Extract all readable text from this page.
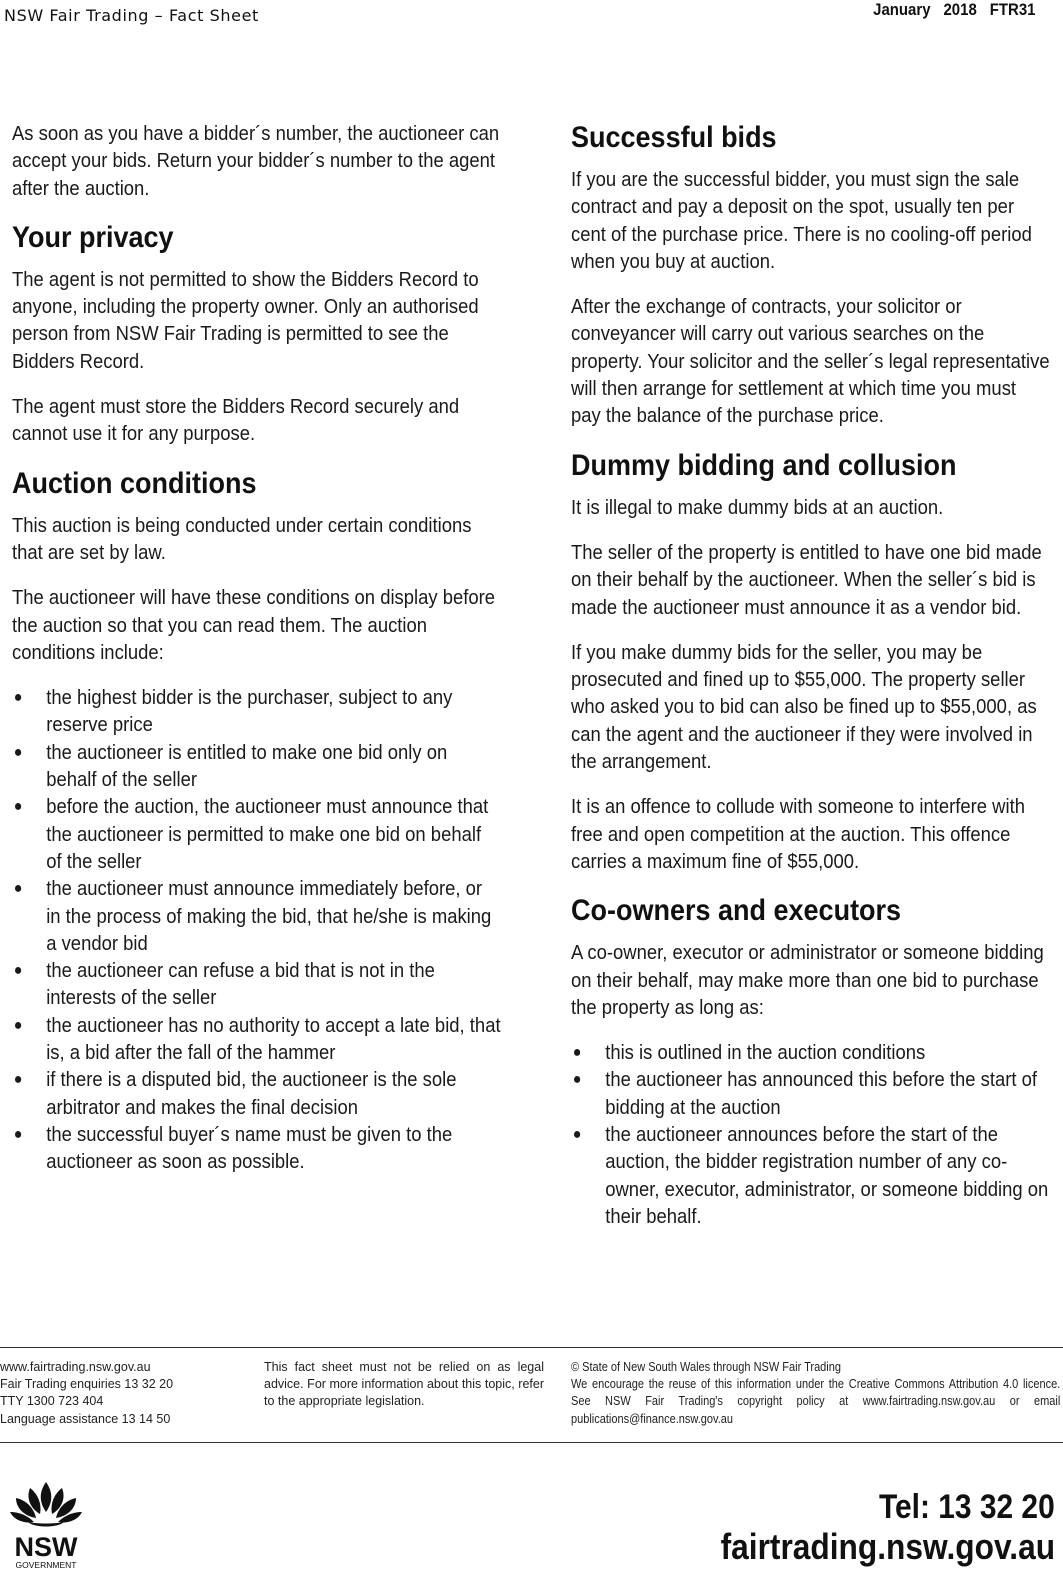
NSW Fair Trading – Fact Sheet	January 2018 FTR31

As soon as you have a bidder´s number, the auctioneer can accept your bids. Return your bidder´s number to the agent after the auction.

Your privacy

The agent is not permitted to show the Bidders Record to anyone, including the property owner. Only an authorised person from NSW Fair Trading is permitted to see the Bidders Record.

The agent must store the Bidders Record securely and cannot use it for any purpose.

Auction conditions

This auction is being conducted under certain conditions that are set by law.

The auctioneer will have these conditions on display before the auction so that you can read them. The auction conditions include:

● the highest bidder is the purchaser, subject to any reserve price
● the auctioneer is entitled to make one bid only on behalf of the seller
● before the auction, the auctioneer must announce that the auctioneer is permitted to make one bid on behalf of the seller
● the auctioneer must announce immediately before, or in the process of making the bid, that he/she is making a vendor bid
● the auctioneer can refuse a bid that is not in the interests of the seller
● the auctioneer has no authority to accept a late bid, that is, a bid after the fall of the hammer
● if there is a disputed bid, the auctioneer is the sole arbitrator and makes the final decision
● the successful buyer´s name must be given to the auctioneer as soon as possible.
Successful bids

If you are the successful bidder, you must sign the sale contract and pay a deposit on the spot, usually ten per cent of the purchase price. There is no cooling-off period when you buy at auction.

After the exchange of contracts, your solicitor or conveyancer will carry out various searches on the property. Your solicitor and the seller´s legal representative will then arrange for settlement at which time you must pay the balance of the purchase price.

Dummy bidding and collusion

It is illegal to make dummy bids at an auction.

The seller of the property is entitled to have one bid made on their behalf by the auctioneer. When the seller´s bid is made the auctioneer must announce it as a vendor bid.

If you make dummy bids for the seller, you may be prosecuted and fined up to $55,000. The property seller who asked you to bid can also be fined up to $55,000, as can the agent and the auctioneer if they were involved in the arrangement.

It is an offence to collude with someone to interfere with free and open competition at the auction. This offence carries a maximum fine of $55,000.

Co-owners and executors

A co-owner, executor or administrator or someone bidding on their behalf, may make more than one bid to purchase the property as long as:

● this is outlined in the auction conditions
● the auctioneer has announced this before the start of bidding at the auction
● the auctioneer announces before the start of the auction, the bidder registration number of any co-owner, executor, administrator, or someone bidding on their behalf.
www.fairtrading.nsw.gov.au
Fair Trading enquiries 13 32 20
TTY 1300 723 404
Language assistance 13 14 50
This fact sheet must not be relied on as legal advice. For more information about this topic, refer to the appropriate legislation.
© State of New South Wales through NSW Fair Trading
We encourage the reuse of this information under the Creative Commons Attribution 4.0 licence. See NSW Fair Trading's copyright policy at www.fairtrading.nsw.gov.au or email publications@finance.nsw.gov.au
NSW
GOVERNMENT
Tel: 13 32 20
fairtrading.nsw.gov.au
